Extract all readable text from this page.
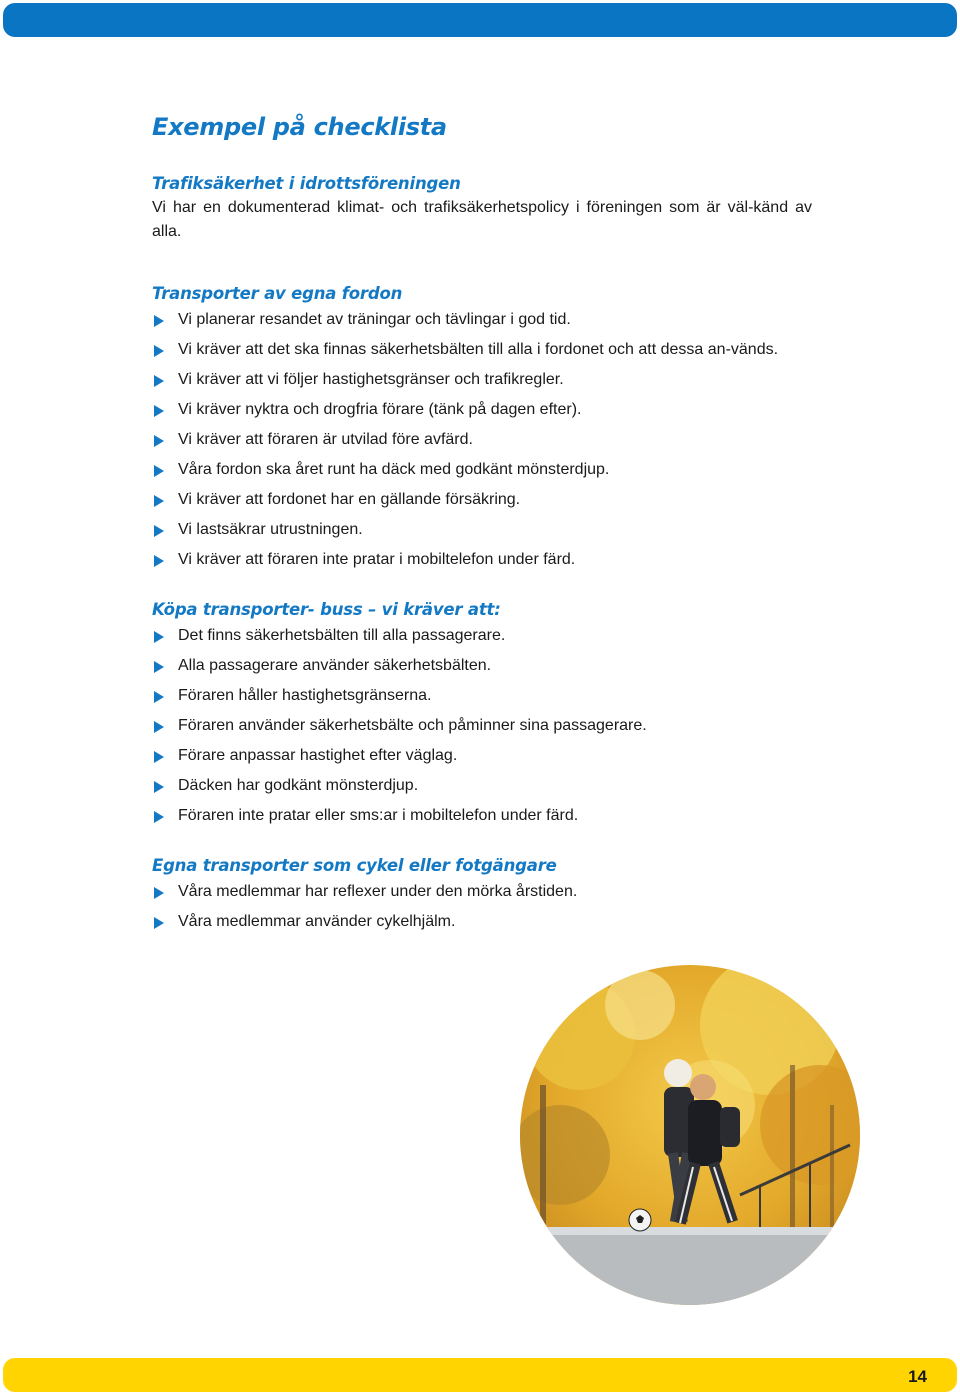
Exempel på checklista
Trafiksäkerhet i idrottsföreningen

Vi har en dokumenterad klimat- och trafiksäkerhetspolicy i föreningen som är väl-känd av alla.

Transporter av egna fordon
Vi planerar resandet av träningar och tävlingar i god tid.
Vi kräver att det ska finnas säkerhetsbälten till alla i fordonet och att dessa an-vänds.
Vi kräver att vi följer hastighetsgränser och trafikregler.
Vi kräver nyktra och drogfria förare (tänk på dagen efter).
Vi kräver att föraren är utvilad före avfärd.
Våra fordon ska året runt ha däck med godkänt mönsterdjup.
Vi kräver att fordonet har en gällande försäkring.
Vi lastsäkrar utrustningen.
Vi kräver att föraren inte pratar i mobiltelefon under färd.
Köpa transporter- buss – vi kräver att:
Det finns säkerhetsbälten till alla passagerare.
Alla passagerare använder säkerhetsbälten.
Föraren håller hastighetsgränserna.
Föraren använder säkerhetsbälte och påminner sina passagerare.
Förare anpassar hastighet efter väglag.
Däcken har godkänt mönsterdjup.
Föraren inte pratar eller sms:ar i mobiltelefon under färd.
Egna transporter som cykel eller fotgängare
Våra medlemmar har reflexer under den mörka årstiden.
Våra medlemmar använder cykelhjälm.
14
